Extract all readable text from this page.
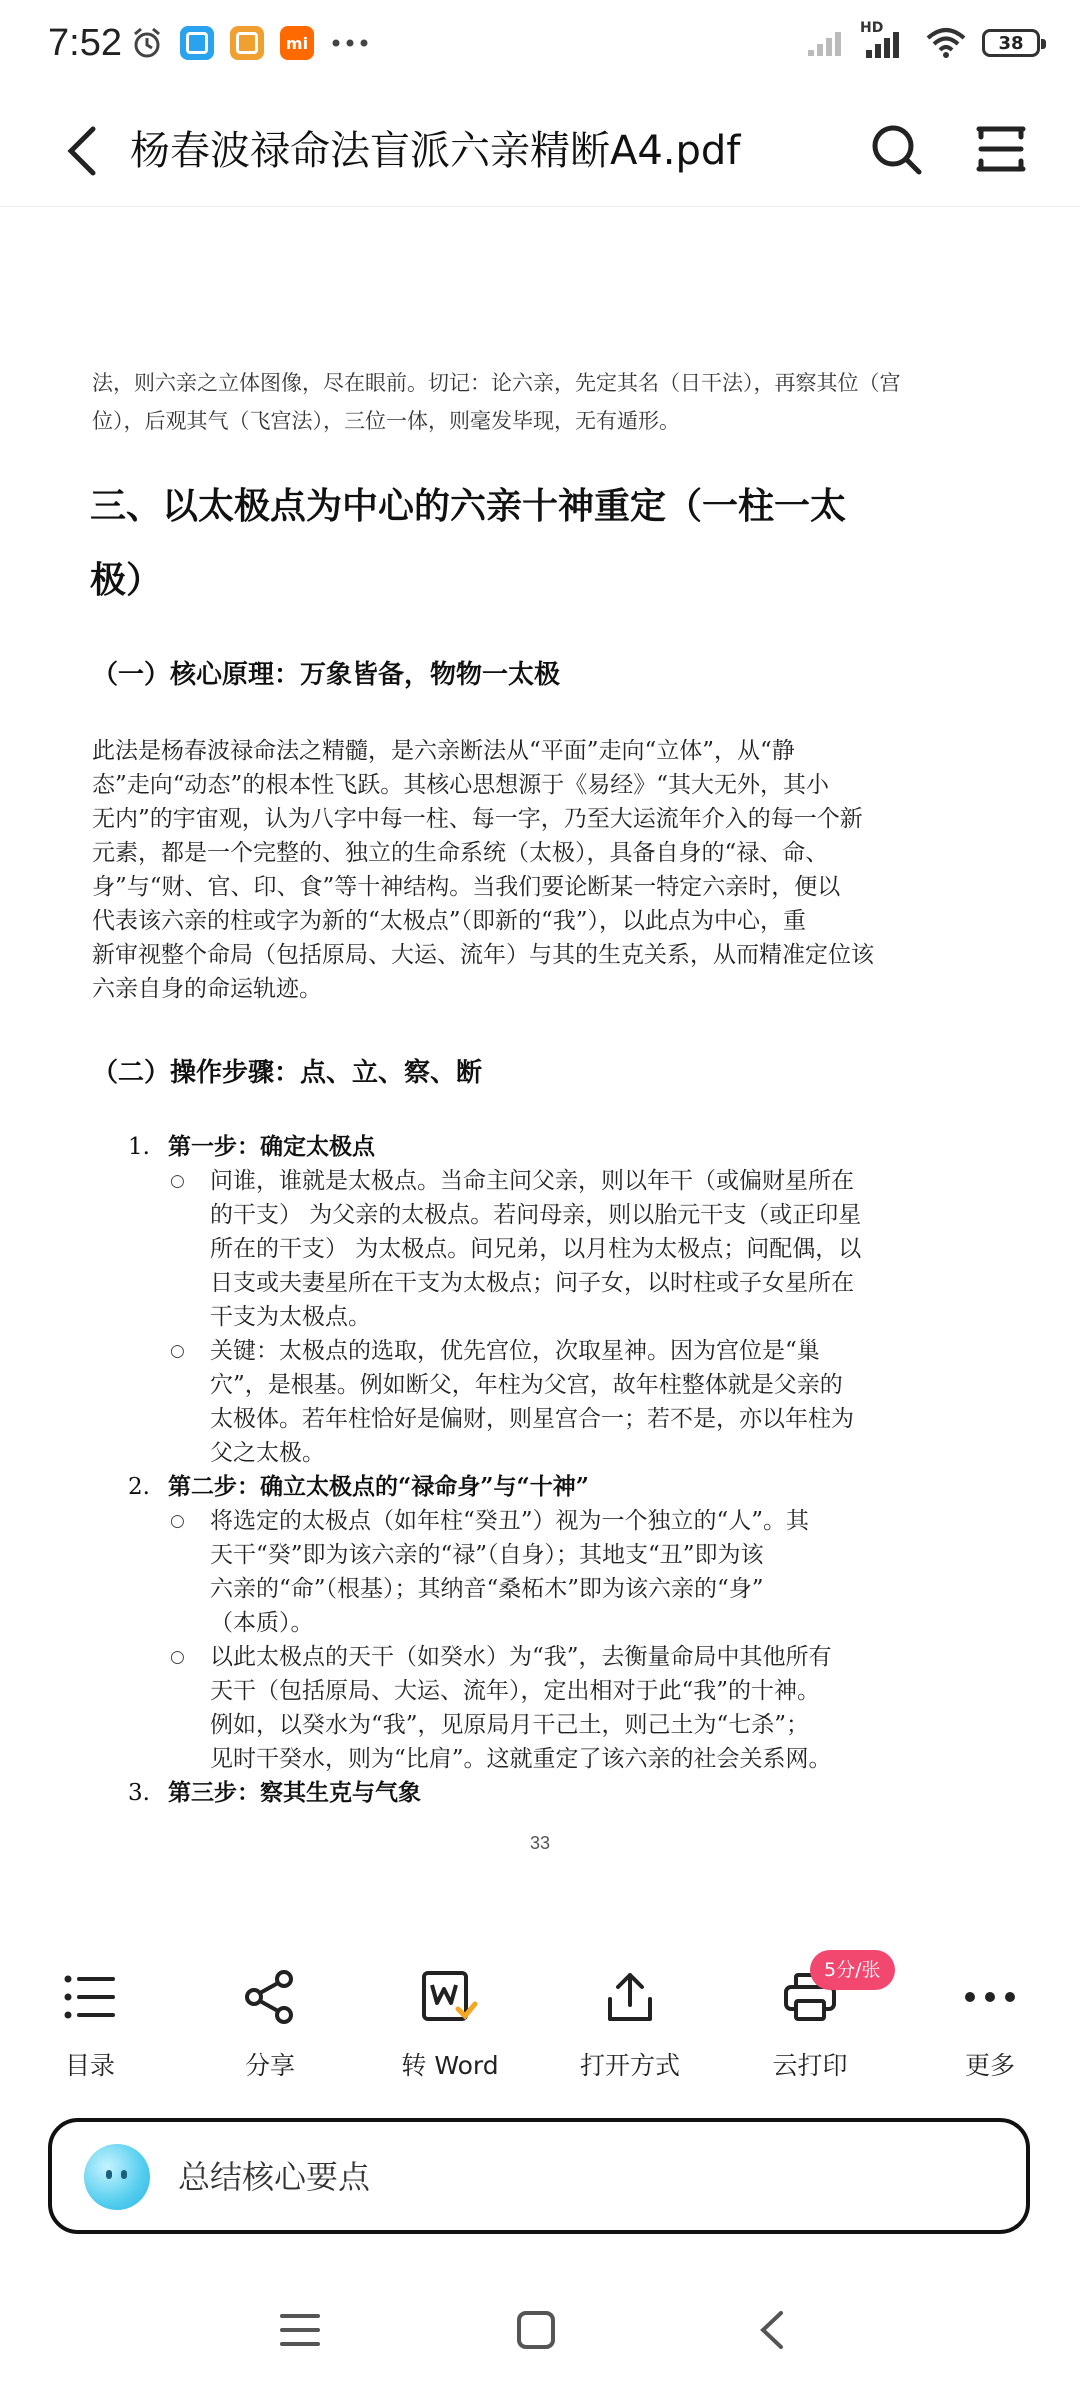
7:52	mi
HD
38
杨春波禄命法盲派六亲精断A4.pdf
法，则六亲之立体图像，尽在眼前。切记：论六亲，先定其名（日干法），再察其位（宫
位），后观其气（飞宫法），三位一体，则毫发毕现，无有遁形。
三、以太极点为中心的六亲十神重定（一柱一太
极）
（一）核心原理：万象皆备，物物一太极
此法是杨春波禄命法之精髓，是六亲断法从“平面”走向“立体”，从“静
态”走向“动态”的根本性飞跃。其核心思想源于《易经》“其大无外，其小
无内”的宇宙观，认为八字中每一柱、每一字，乃至大运流年介入的每一个新
元素，都是一个完整的、独立的生命系统（太极），具备自身的“禄、命、
身”与“财、官、印、食”等十神结构。当我们要论断某一特定六亲时，便以
代表该六亲的柱或字为新的“太极点”（即新的“我”），以此点为中心，重
新审视整个命局（包括原局、大运、流年）与其的生克关系，从而精准定位该
六亲自身的命运轨迹。
（二）操作步骤：点、立、察、断
1. 第一步：确定太极点
○ 问谁，谁就是太极点。当命主问父亲，则以年干（或偏财星所在
的干支） 为父亲的太极点。若问母亲，则以胎元干支（或正印星
所在的干支） 为太极点。问兄弟，以月柱为太极点；问配偶，以
日支或夫妻星所在干支为太极点；问子女，以时柱或子女星所在
干支为太极点。
○ 关键：太极点的选取，优先宫位，次取星神。因为宫位是“巢
穴”，是根基。例如断父，年柱为父宫，故年柱整体就是父亲的
太极体。若年柱恰好是偏财，则星宫合一；若不是，亦以年柱为
父之太极。
2. 第二步：确立太极点的“禄命身”与“十神”
○ 将选定的太极点（如年柱“癸丑”）视为一个独立的“人”。其
天干“癸”即为该六亲的“禄”（自身）；其地支“丑”即为该
六亲的“命”（根基）；其纳音“桑柘木”即为该六亲的“身”
（本质）。
○ 以此太极点的天干（如癸水）为“我”，去衡量命局中其他所有
天干（包括原局、大运、流年），定出相对于此“我”的十神。
例如，以癸水为“我”，见原局月干己土，则己土为“七杀”；
见时干癸水，则为“比肩”。这就重定了该六亲的社会关系网。
3. 第三步：察其生克与气象
33
目录	分享	转 Word	打开方式	云打印	更多
5分/张
总结核心要点
